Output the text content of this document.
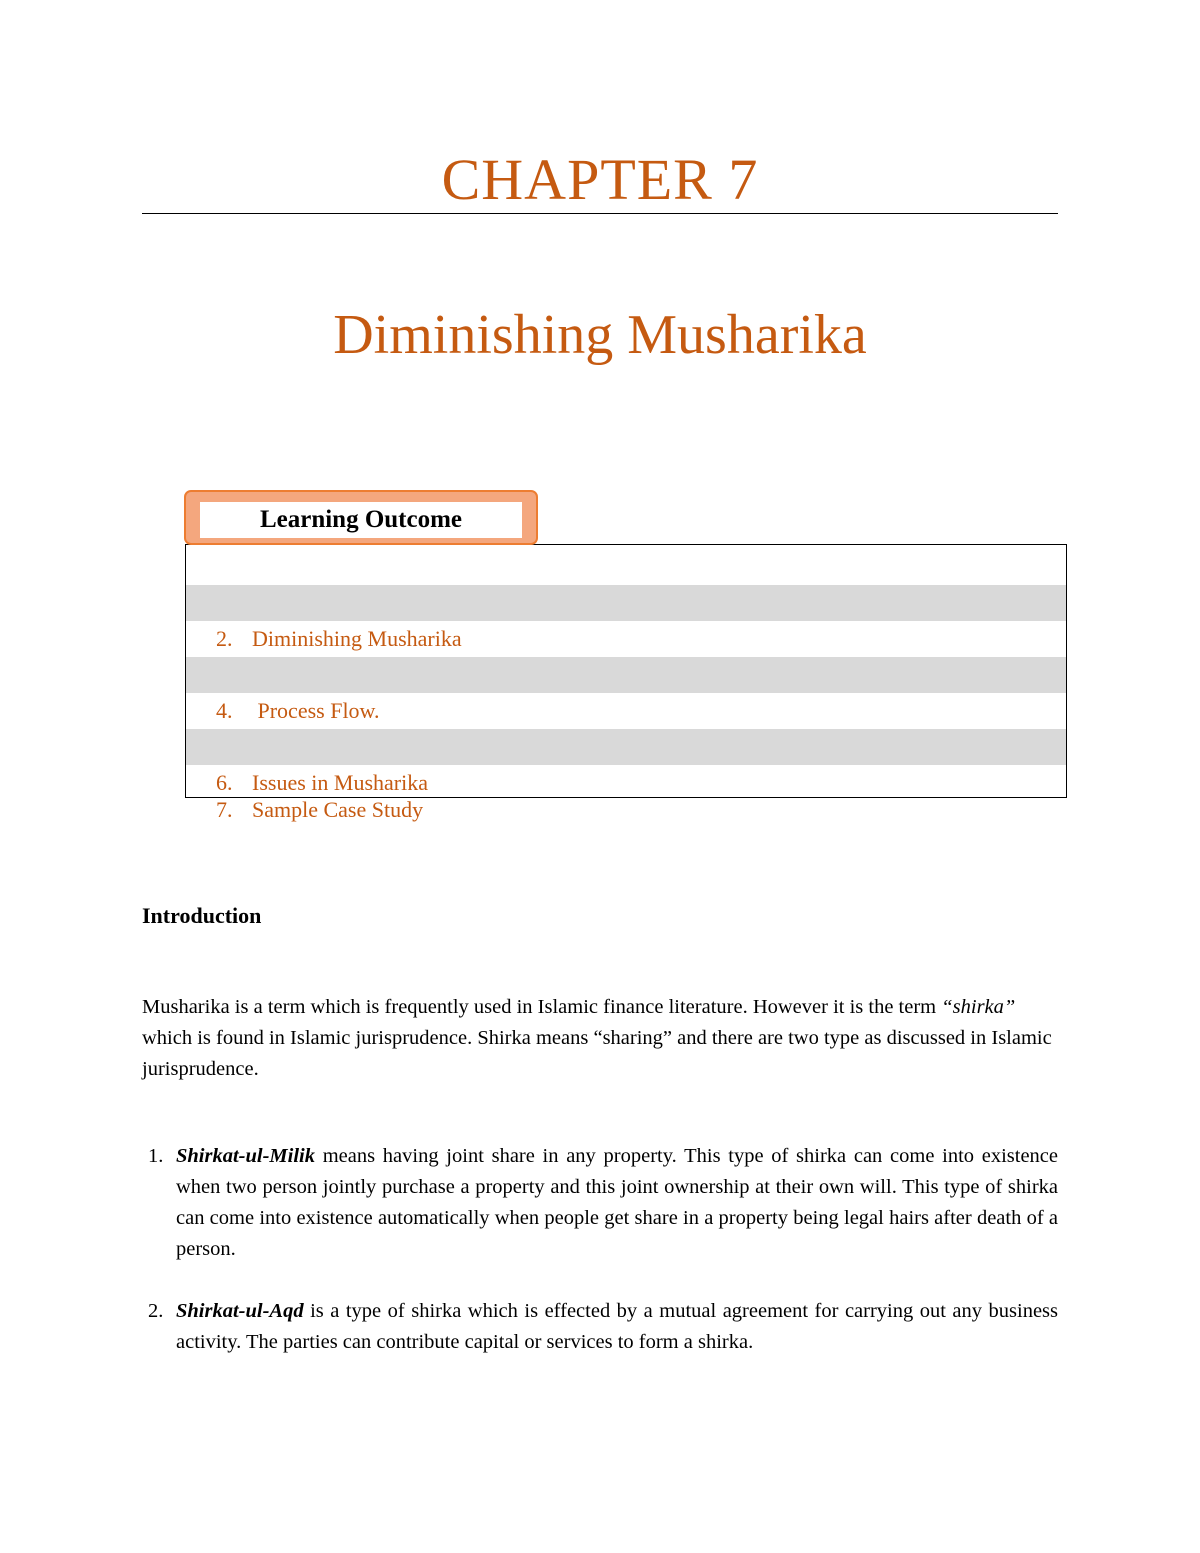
CHAPTER 7
Diminishing Musharika

2. Diminishing Musharika

4. Process Flow.

6. Issues in Musharika

7. Sample Case Study

Learning Outcome
Introduction

Musharika is a term which is frequently used in Islamic finance literature. However it is the term “shirka” which is found in Islamic jurisprudence. Shirka means “sharing” and there are two type as discussed in Islamic jurisprudence.

1. Shirkat-ul-Milik means having joint share in any property. This type of shirka can come into existence when two person jointly purchase a property and this joint ownership at their own will. This type of shirka can come into existence automatically when people get share in a property being legal hairs after death of a person.
2. Shirkat-ul-Aqd is a type of shirka which is effected by a mutual agreement for carrying out any business activity. The parties can contribute capital or services to form a shirka.
